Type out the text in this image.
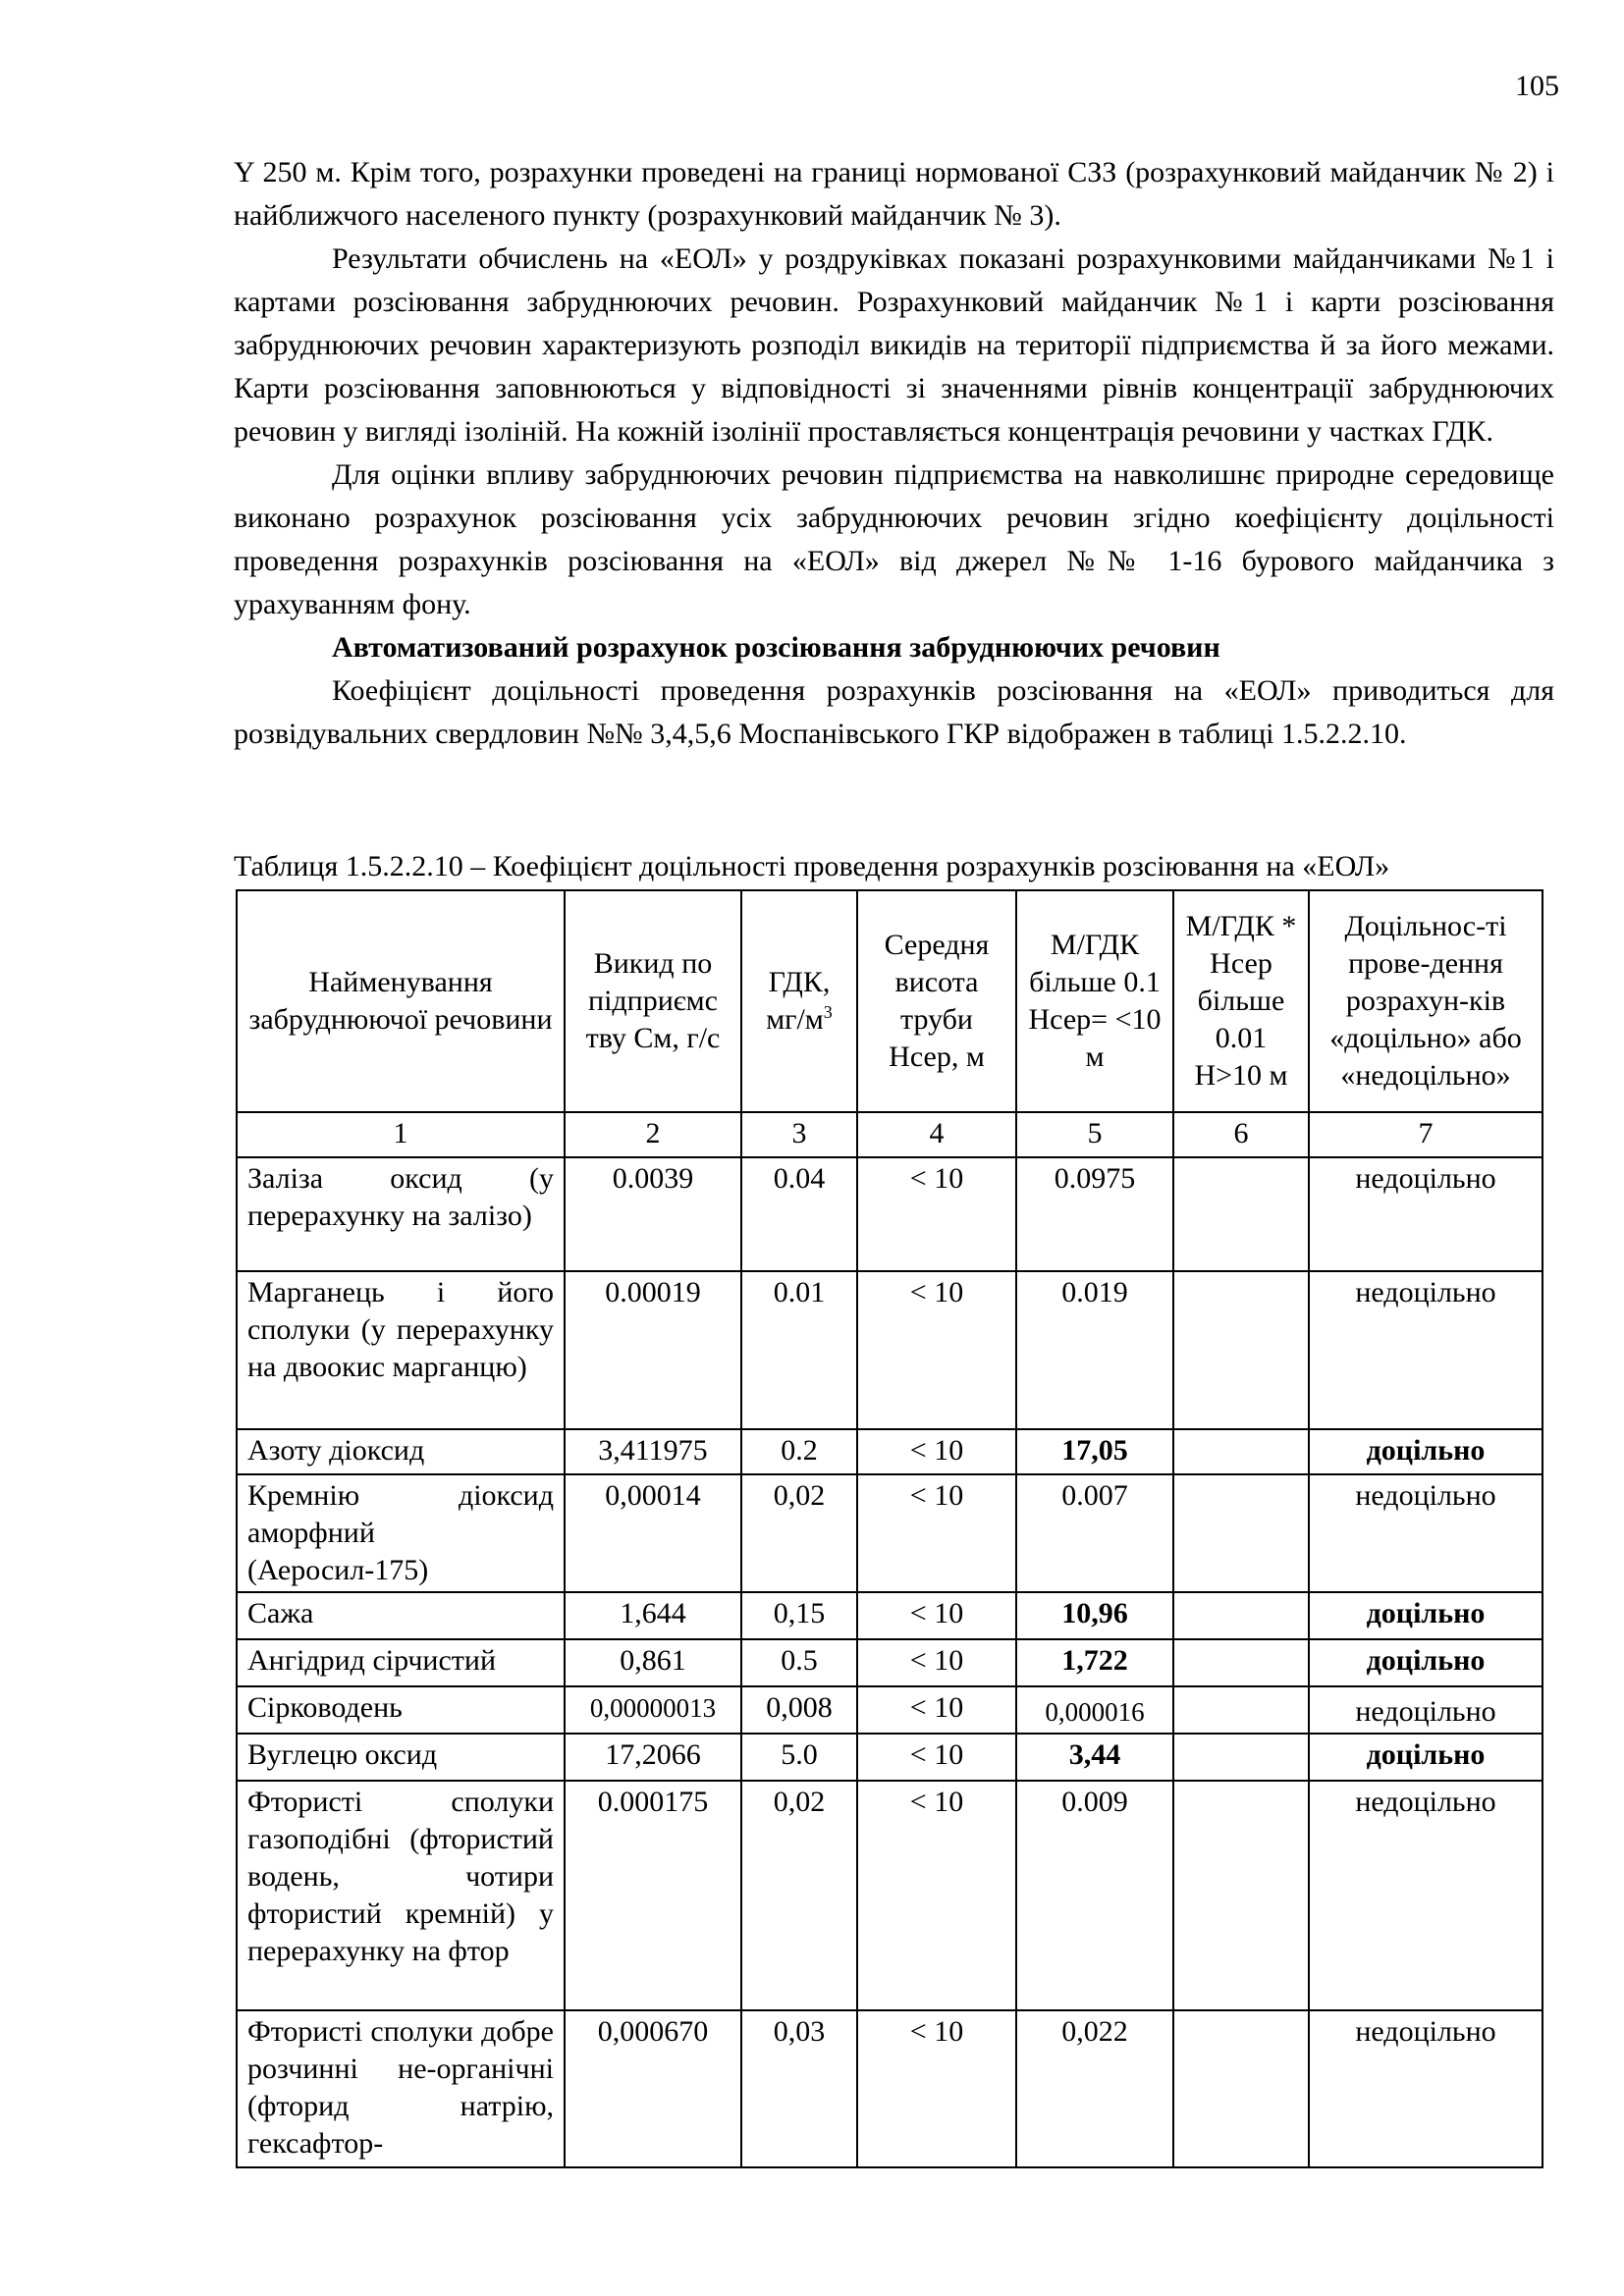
105

Y 250 м. Крім того, розрахунки проведені на границі нормованої СЗЗ (розрахунковий майданчик № 2) і найближчого населеного пункту (розрахунковий майданчик № 3).

Результати обчислень на «ЕОЛ» у роздруківках показані розрахунковими майданчиками №1 і картами розсіювання забруднюючих речовин. Розрахунковий майданчик №1 і карти розсіювання забруднюючих речовин характеризують розподіл викидів на території підприємства й за його межами. Карти розсіювання заповнюються у відповідності зі значеннями рівнів концентрації забруднюючих речовин у вигляді ізоліній. На кожній ізолінії проставляється концентрація речовини у частках ГДК.

Для оцінки впливу забруднюючих речовин підприємства на навколишнє природне середовище виконано розрахунок розсіювання усіх забруднюючих речовин згідно коефіцієнту доцільності проведення розрахунків розсіювання на «ЕОЛ» від джерел №№ 1-16 бурового майданчика з урахуванням фону.

Автоматизований розрахунок розсіювання забруднюючих речовин

Коефіцієнт доцільності проведення розрахунків розсіювання на «ЕОЛ» приводиться для розвідувальних свердловин №№ 3,4,5,6 Моспанівського ГКР відображен в таблиці 1.5.2.2.10.

Таблиця 1.5.2.2.10 – Коефіцієнт доцільності проведення розрахунків розсіювання на «ЕОЛ»
Найменування забруднюючої речовини	Викид по підприємс тву Cм, г/с	ГДК, $мг/м^3$	Середня висота труби Нсер, м	М/ГДК більше 0.1 Нсер= <10 м	М/ГДК * Нсер більше 0.01 Н>10 м	Доцільнос-ті прове-дення розрахун-ків «доцільно» або «недоцільно»
1	2	3	4	5	6	7
Заліза оксид (у перерахунку на залізо)	0.0039	0.04	< 10	0.0975		недоцільно
Марганець і його сполуки (у перерахунку на двоокис марганцю)	0.00019	0.01	< 10	0.019		недоцільно
Азоту діоксид	3,411975	0.2	< 10	17,05		доцільно
Кремнію діоксид аморфний (Аеросил-175)	0,00014	0,02	< 10	0.007		недоцільно
Сажа	1,644	0,15	< 10	10,96		доцільно
Ангідрид сірчистий	0,861	0.5	< 10	1,722		доцільно
Сірководень	0,00000013	0,008	< 10	0,000016		недоцільно
Вуглецю оксид	17,2066	5.0	< 10	3,44		доцільно
Фтористі сполуки газоподібні (фтористий водень, чотири фтористий кремній) у перерахунку на фтор	0.000175	0,02	< 10	0.009		недоцільно
Фтористі сполуки добре розчинні не-органічні (фторид натрію, гексафтор-	0,000670	0,03	< 10	0,022		недоцільно
